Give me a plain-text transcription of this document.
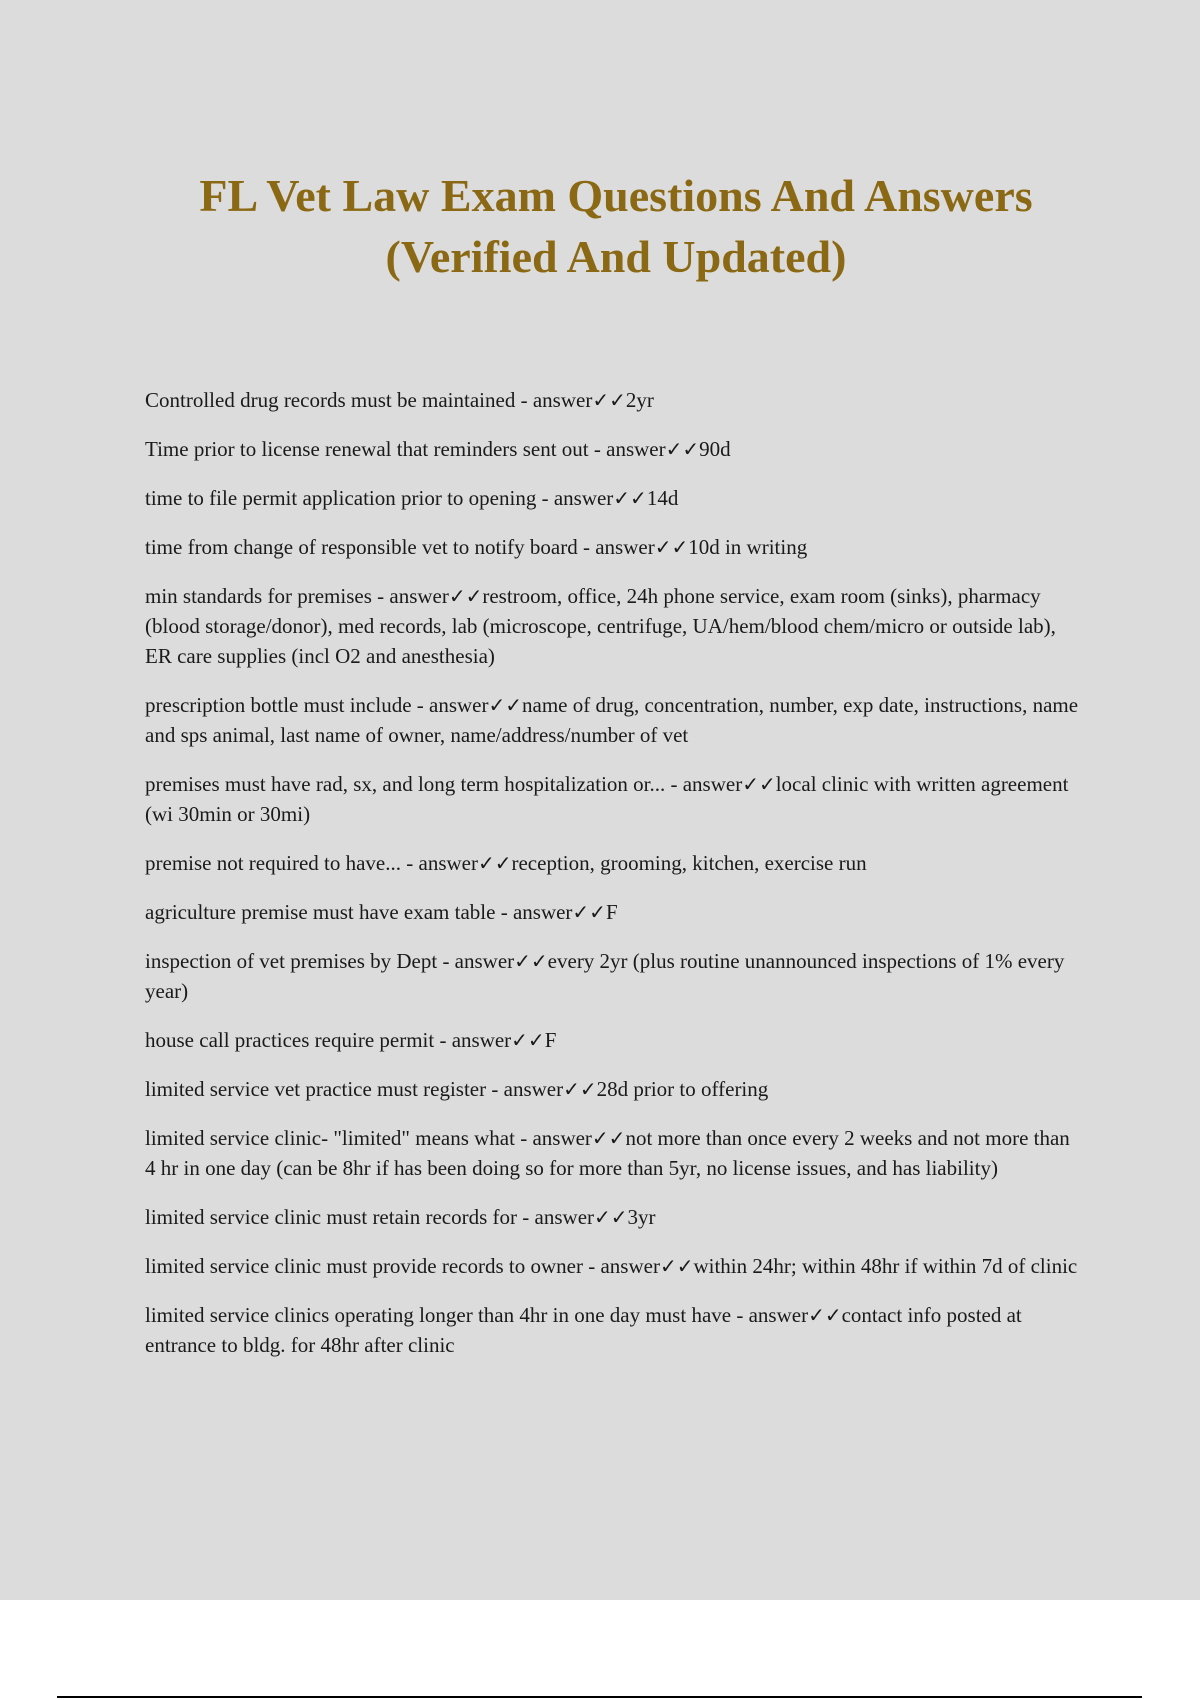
FL Vet Law Exam Questions And Answers
(Verified And Updated)
Controlled drug records must be maintained - answer✓✓2yr
Time prior to license renewal that reminders sent out - answer✓✓90d
time to file permit application prior to opening - answer✓✓14d
time from change of responsible vet to notify board - answer✓✓10d in writing
min standards for premises - answer✓✓restroom, office, 24h phone service, exam room (sinks), pharmacy (blood storage/donor), med records, lab (microscope, centrifuge, UA/hem/blood chem/micro or outside lab), ER care supplies (incl O2 and anesthesia)
prescription bottle must include - answer✓✓name of drug, concentration, number, exp date, instructions, name and sps animal, last name of owner, name/address/number of vet
premises must have rad, sx, and long term hospitalization or... - answer✓✓local clinic with written agreement (wi 30min or 30mi)
premise not required to have... - answer✓✓reception, grooming, kitchen, exercise run
agriculture premise must have exam table - answer✓✓F
inspection of vet premises by Dept - answer✓✓every 2yr (plus routine unannounced inspections of 1% every year)
house call practices require permit - answer✓✓F
limited service vet practice must register - answer✓✓28d prior to offering
limited service clinic- "limited" means what - answer✓✓not more than once every 2 weeks and not more than 4 hr in one day (can be 8hr if has been doing so for more than 5yr, no license issues, and has liability)
limited service clinic must retain records for - answer✓✓3yr
limited service clinic must provide records to owner - answer✓✓within 24hr; within 48hr if within 7d of clinic
limited service clinics operating longer than 4hr in one day must have - answer✓✓contact info posted at entrance to bldg. for 48hr after clinic
